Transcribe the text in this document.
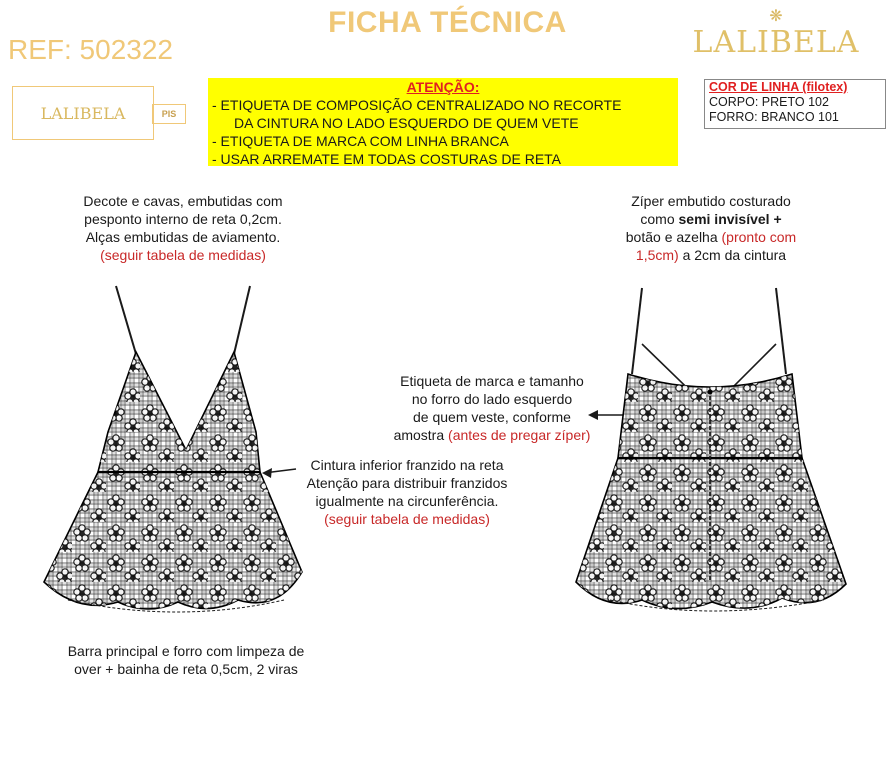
FICHA TÉCNICA
REF: 502322
❋
LALIBELA
LALIBELA	PIS
ATENÇÃO:
- ETIQUETA DE COMPOSIÇÃO CENTRALIZADO NO RECORTE
DA CINTURA NO LADO ESQUERDO DE QUEM VETE
- ETIQUETA DE MARCA COM LINHA BRANCA
- USAR ARREMATE EM TODAS COSTURAS DE RETA
COR DE LINHA (filotex)
CORPO: PRETO 102
FORRO: BRANCO 101
Decote e cavas, embutidas com
pesponto interno de reta 0,2cm.
Alças embutidas de aviamento.
(seguir tabela de medidas)
Zíper embutido costurado
como semi invisível +
botão e azelha (pronto com
1,5cm) a 2cm da cintura
Etiqueta de marca e tamanho
no forro do lado esquerdo
de quem veste, conforme
amostra (antes de pregar zíper)
Cintura inferior franzido na reta
Atenção para distribuir franzidos
igualmente na circunferência.
(seguir tabela de medidas)
Barra principal e forro com limpeza de
over + bainha de reta 0,5cm, 2 viras
